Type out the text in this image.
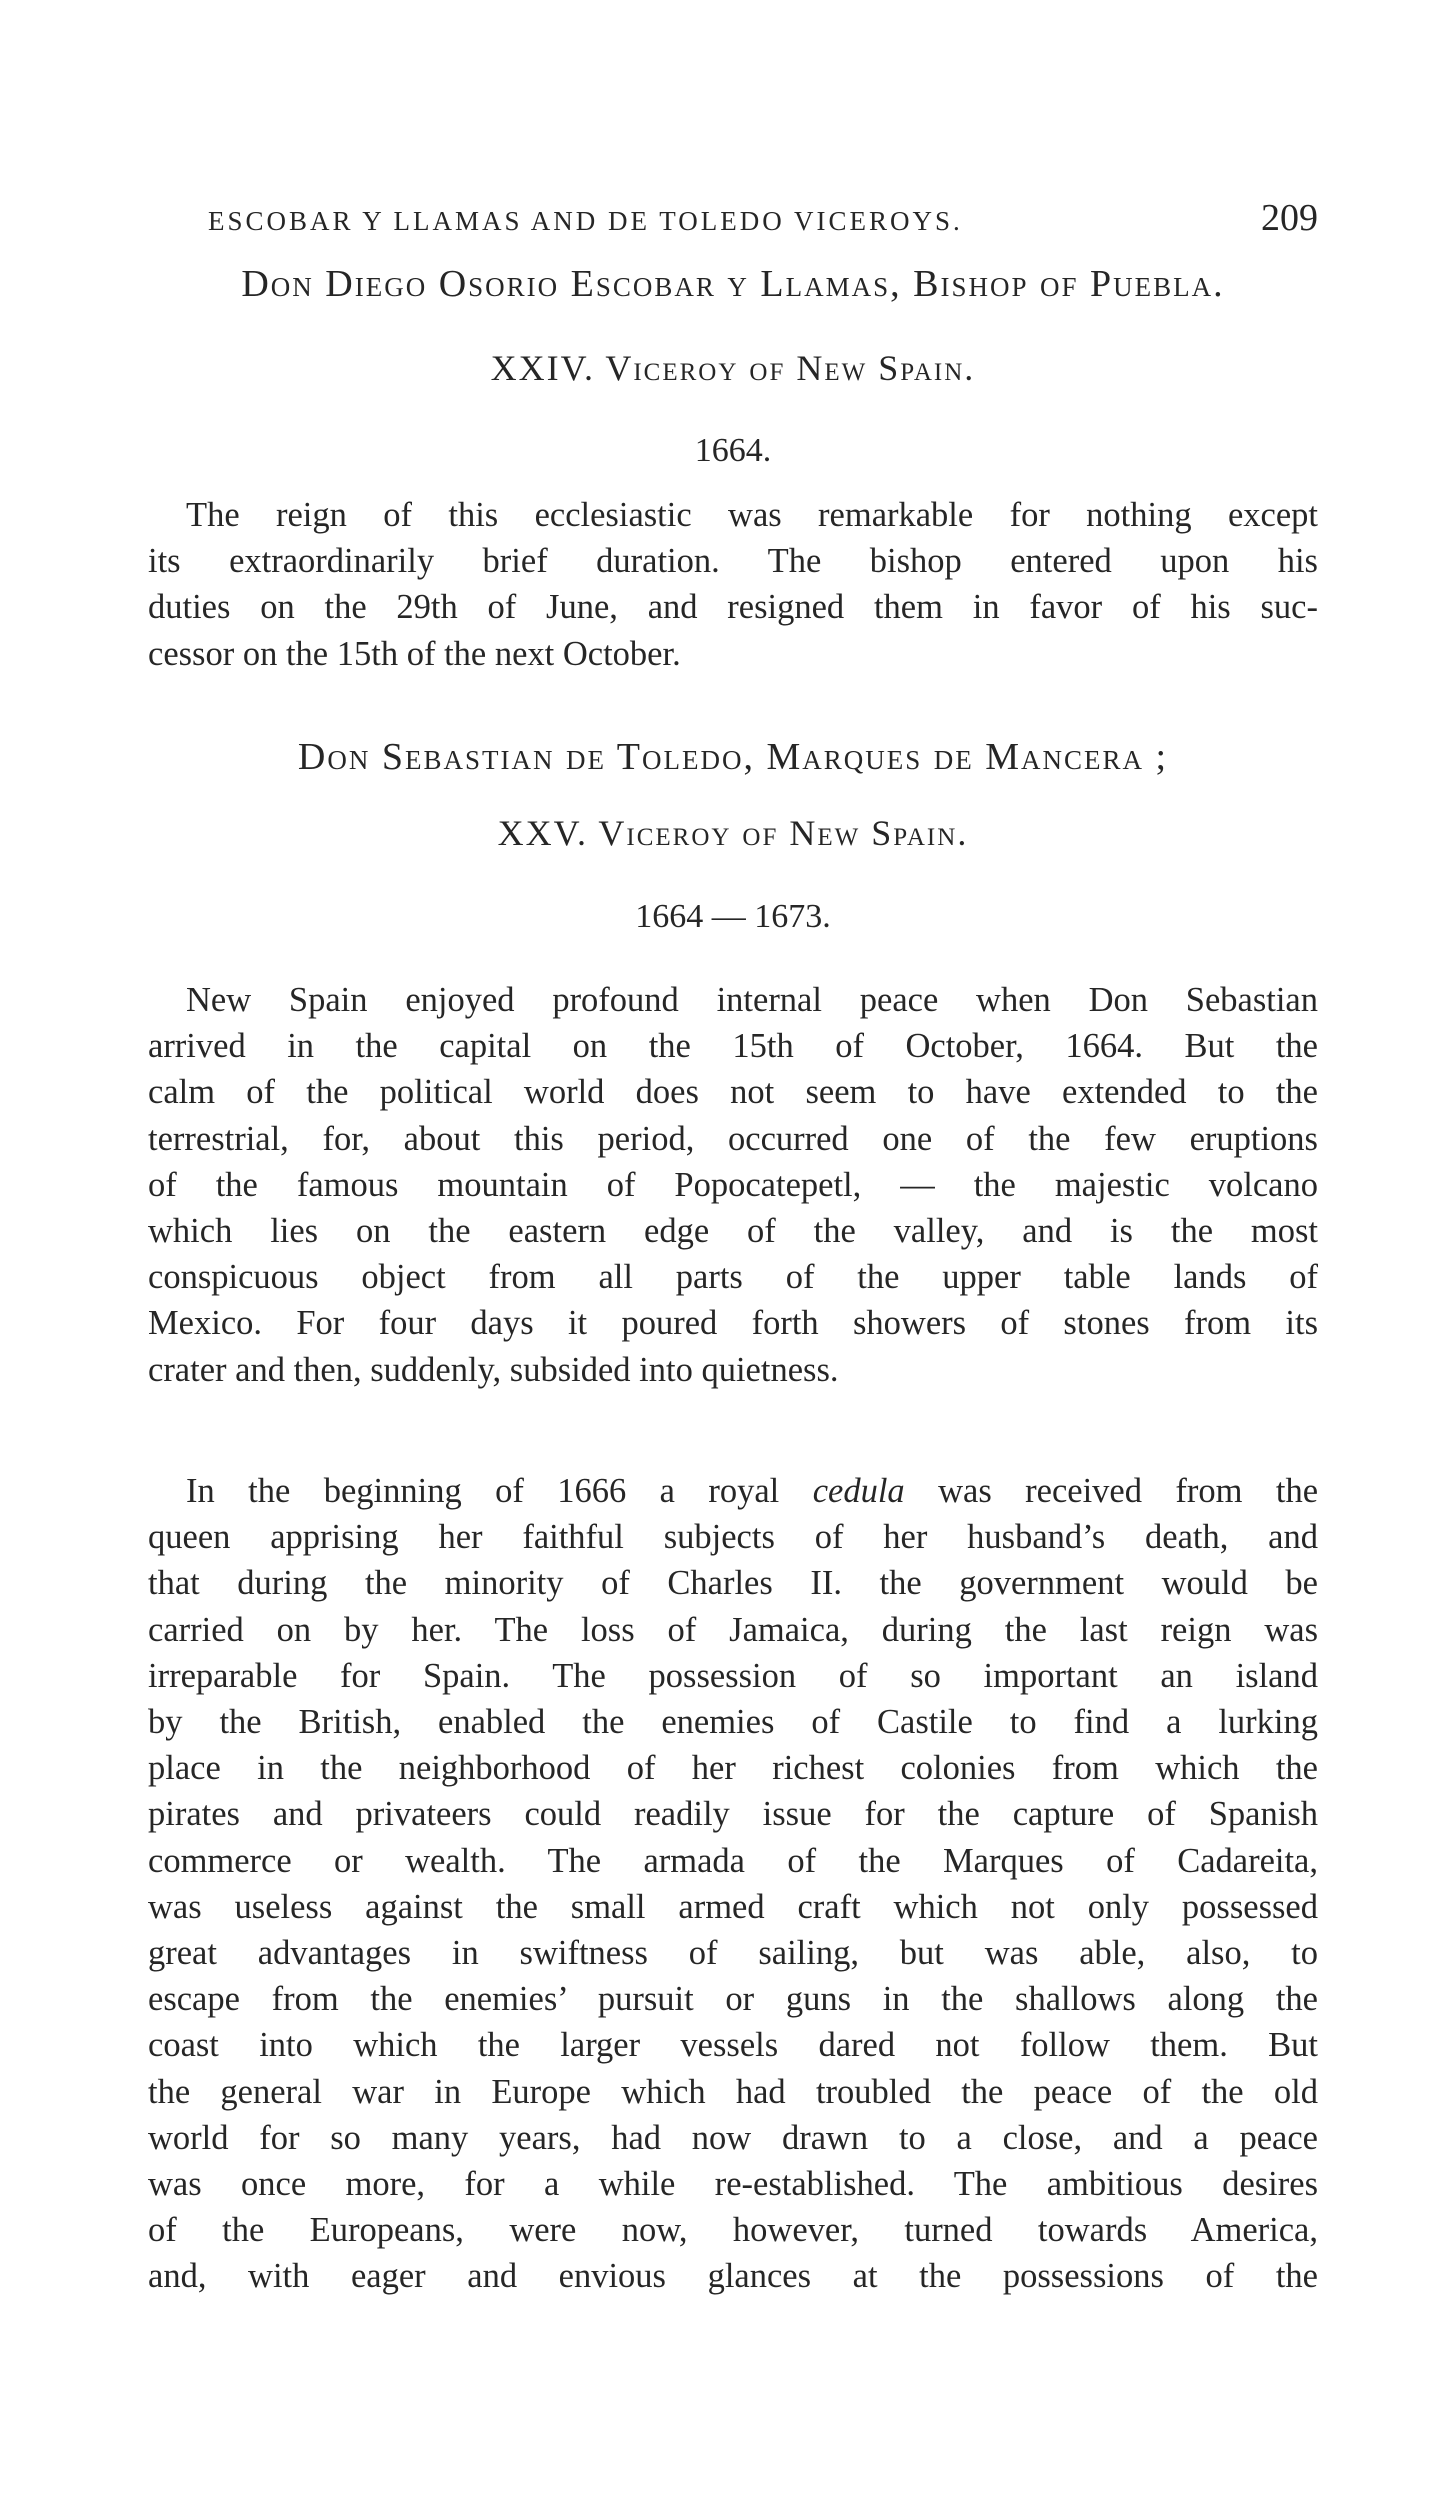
ESCOBAR Y LLAMAS AND DE TOLEDO VICEROYS.	209
Don Diego Osorio Escobar y Llamas, Bishop of Puebla.
XXIV. Viceroy of New Spain.
1664.
The reign of this ecclesiastic was remarkable for nothing except
its extraordinarily brief duration. The bishop entered upon his
duties on the 29th of June, and resigned them in favor of his suc-
cessor on the 15th of the next October.
Don Sebastian de Toledo, Marques de Mancera ;
XXV. Viceroy of New Spain.
1664 — 1673.
New Spain enjoyed profound internal peace when Don Sebastian
arrived in the capital on the 15th of October, 1664. But the
calm of the political world does not seem to have extended to the
terrestrial, for, about this period, occurred one of the few eruptions
of the famous mountain of Popocatepetl, — the majestic volcano
which lies on the eastern edge of the valley, and is the most
conspicuous object from all parts of the upper table lands of
Mexico. For four days it poured forth showers of stones from its
crater and then, suddenly, subsided into quietness.
In the beginning of 1666 a royal cedula was received from the
queen apprising her faithful subjects of her husband’s death, and
that during the minority of Charles II. the government would be
carried on by her. The loss of Jamaica, during the last reign was
irreparable for Spain. The possession of so important an island
by the British, enabled the enemies of Castile to find a lurking
place in the neighborhood of her richest colonies from which the
pirates and privateers could readily issue for the capture of Spanish
commerce or wealth. The armada of the Marques of Cadareita,
was useless against the small armed craft which not only possessed
great advantages in swiftness of sailing, but was able, also, to
escape from the enemies’ pursuit or guns in the shallows along the
coast into which the larger vessels dared not follow them. But
the general war in Europe which had troubled the peace of the old
world for so many years, had now drawn to a close, and a peace
was once more, for a while re-established. The ambitious desires
of the Europeans, were now, however, turned towards America,
and, with eager and envious glances at the possessions of the
